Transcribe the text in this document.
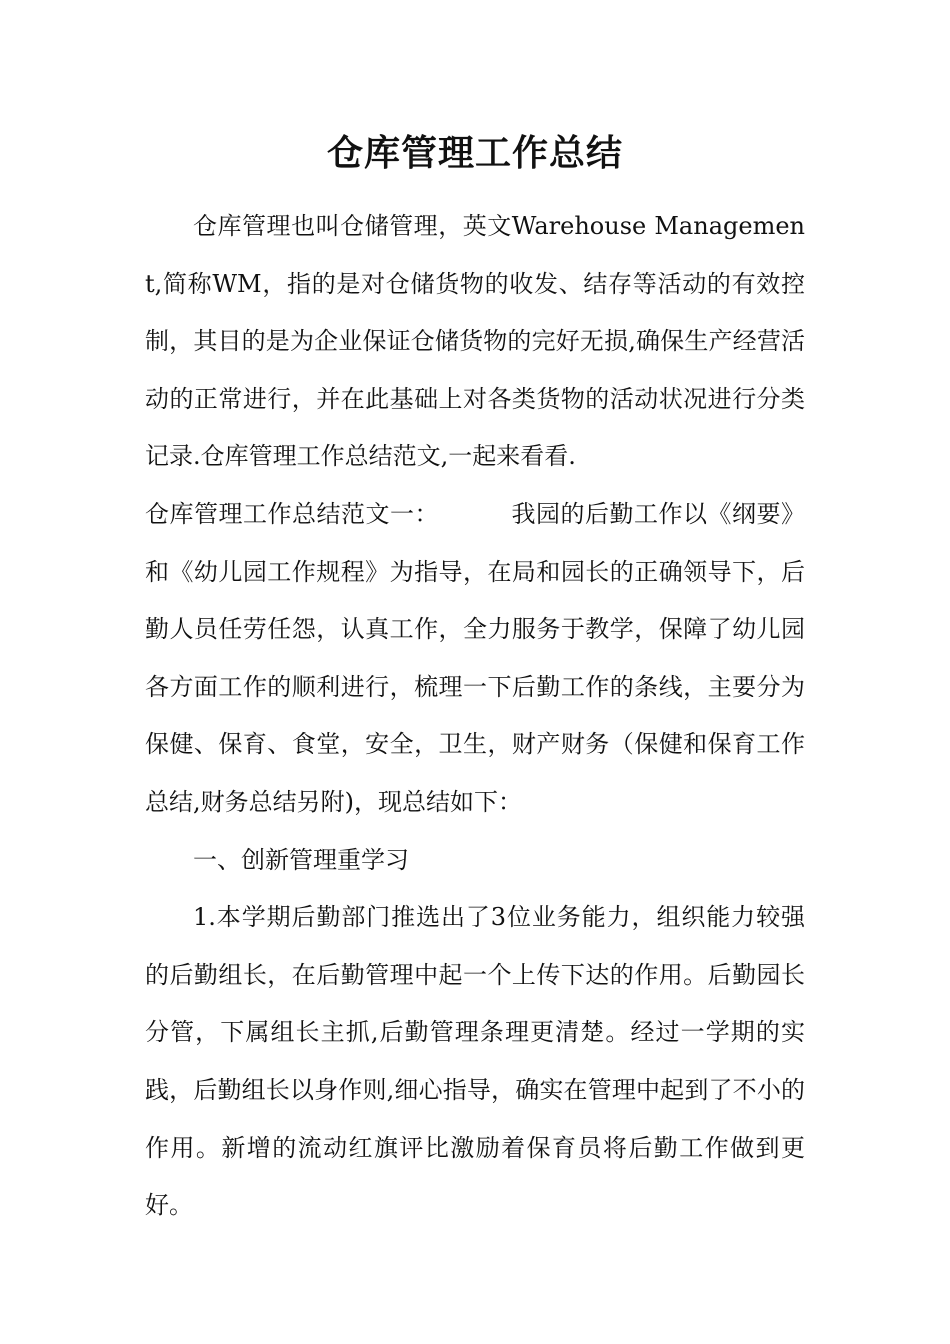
仓库管理工作总结

仓库管理也叫仓储管理，英文Warehouse Management,简称WM，指的是对仓储货物的收发、结存等活动的有效控制，其目的是为企业保证仓储货物的完好无损,确保生产经营活动的正常进行，并在此基础上对各类货物的活动状况进行分类记录.仓库管理工作总结范文,一起来看看.

仓库管理工作总结范文一：	我园的后勤工作以《纲要》和《幼儿园工作规程》为指导，在局和园长的正确领导下，后勤人员任劳任怨，认真工作，全力服务于教学，保障了幼儿园各方面工作的顺利进行，梳理一下后勤工作的条线，主要分为保健、保育、食堂，安全，卫生，财产财务（保健和保育工作总结,财务总结另附)，现总结如下：

一、创新管理重学习

1.本学期后勤部门推选出了3位业务能力，组织能力较强的后勤组长，在后勤管理中起一个上传下达的作用。后勤园长分管，下属组长主抓,后勤管理条理更清楚。经过一学期的实践，后勤组长以身作则,细心指导，确实在管理中起到了不小的作用。新增的流动红旗评比激励着保育员将后勤工作做到更好。
